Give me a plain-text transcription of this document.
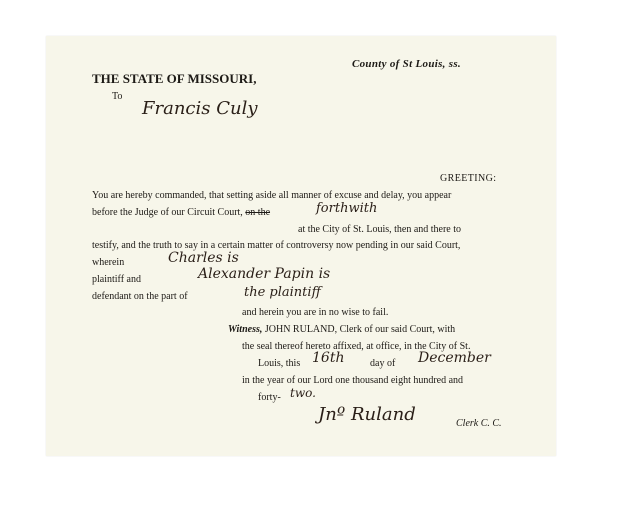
County of St Louis, ss.
THE STATE OF MISSOURI,
To
Francis Culy
GREETING:
You are hereby commanded, that setting aside all manner of excuse and delay, you appear
before the Judge of our Circuit Court, on the	forthwith
at the City of St. Louis, then and there to
testify, and the truth to say in a certain matter of controversy now pending in our said Court,
wherein	Charles is
plaintiff and	Alexander Papin is
defendant on the part of	the plaintiff
and herein you are in no wise to fail.
Witness, JOHN RULAND, Clerk of our said Court, with
the seal thereof hereto affixed, at office, in the City of St.
Louis, this 16th	day of December
in the year of our Lord one thousand eight hundred and
forty- two.
Jnº Ruland	Clerk C. C.
